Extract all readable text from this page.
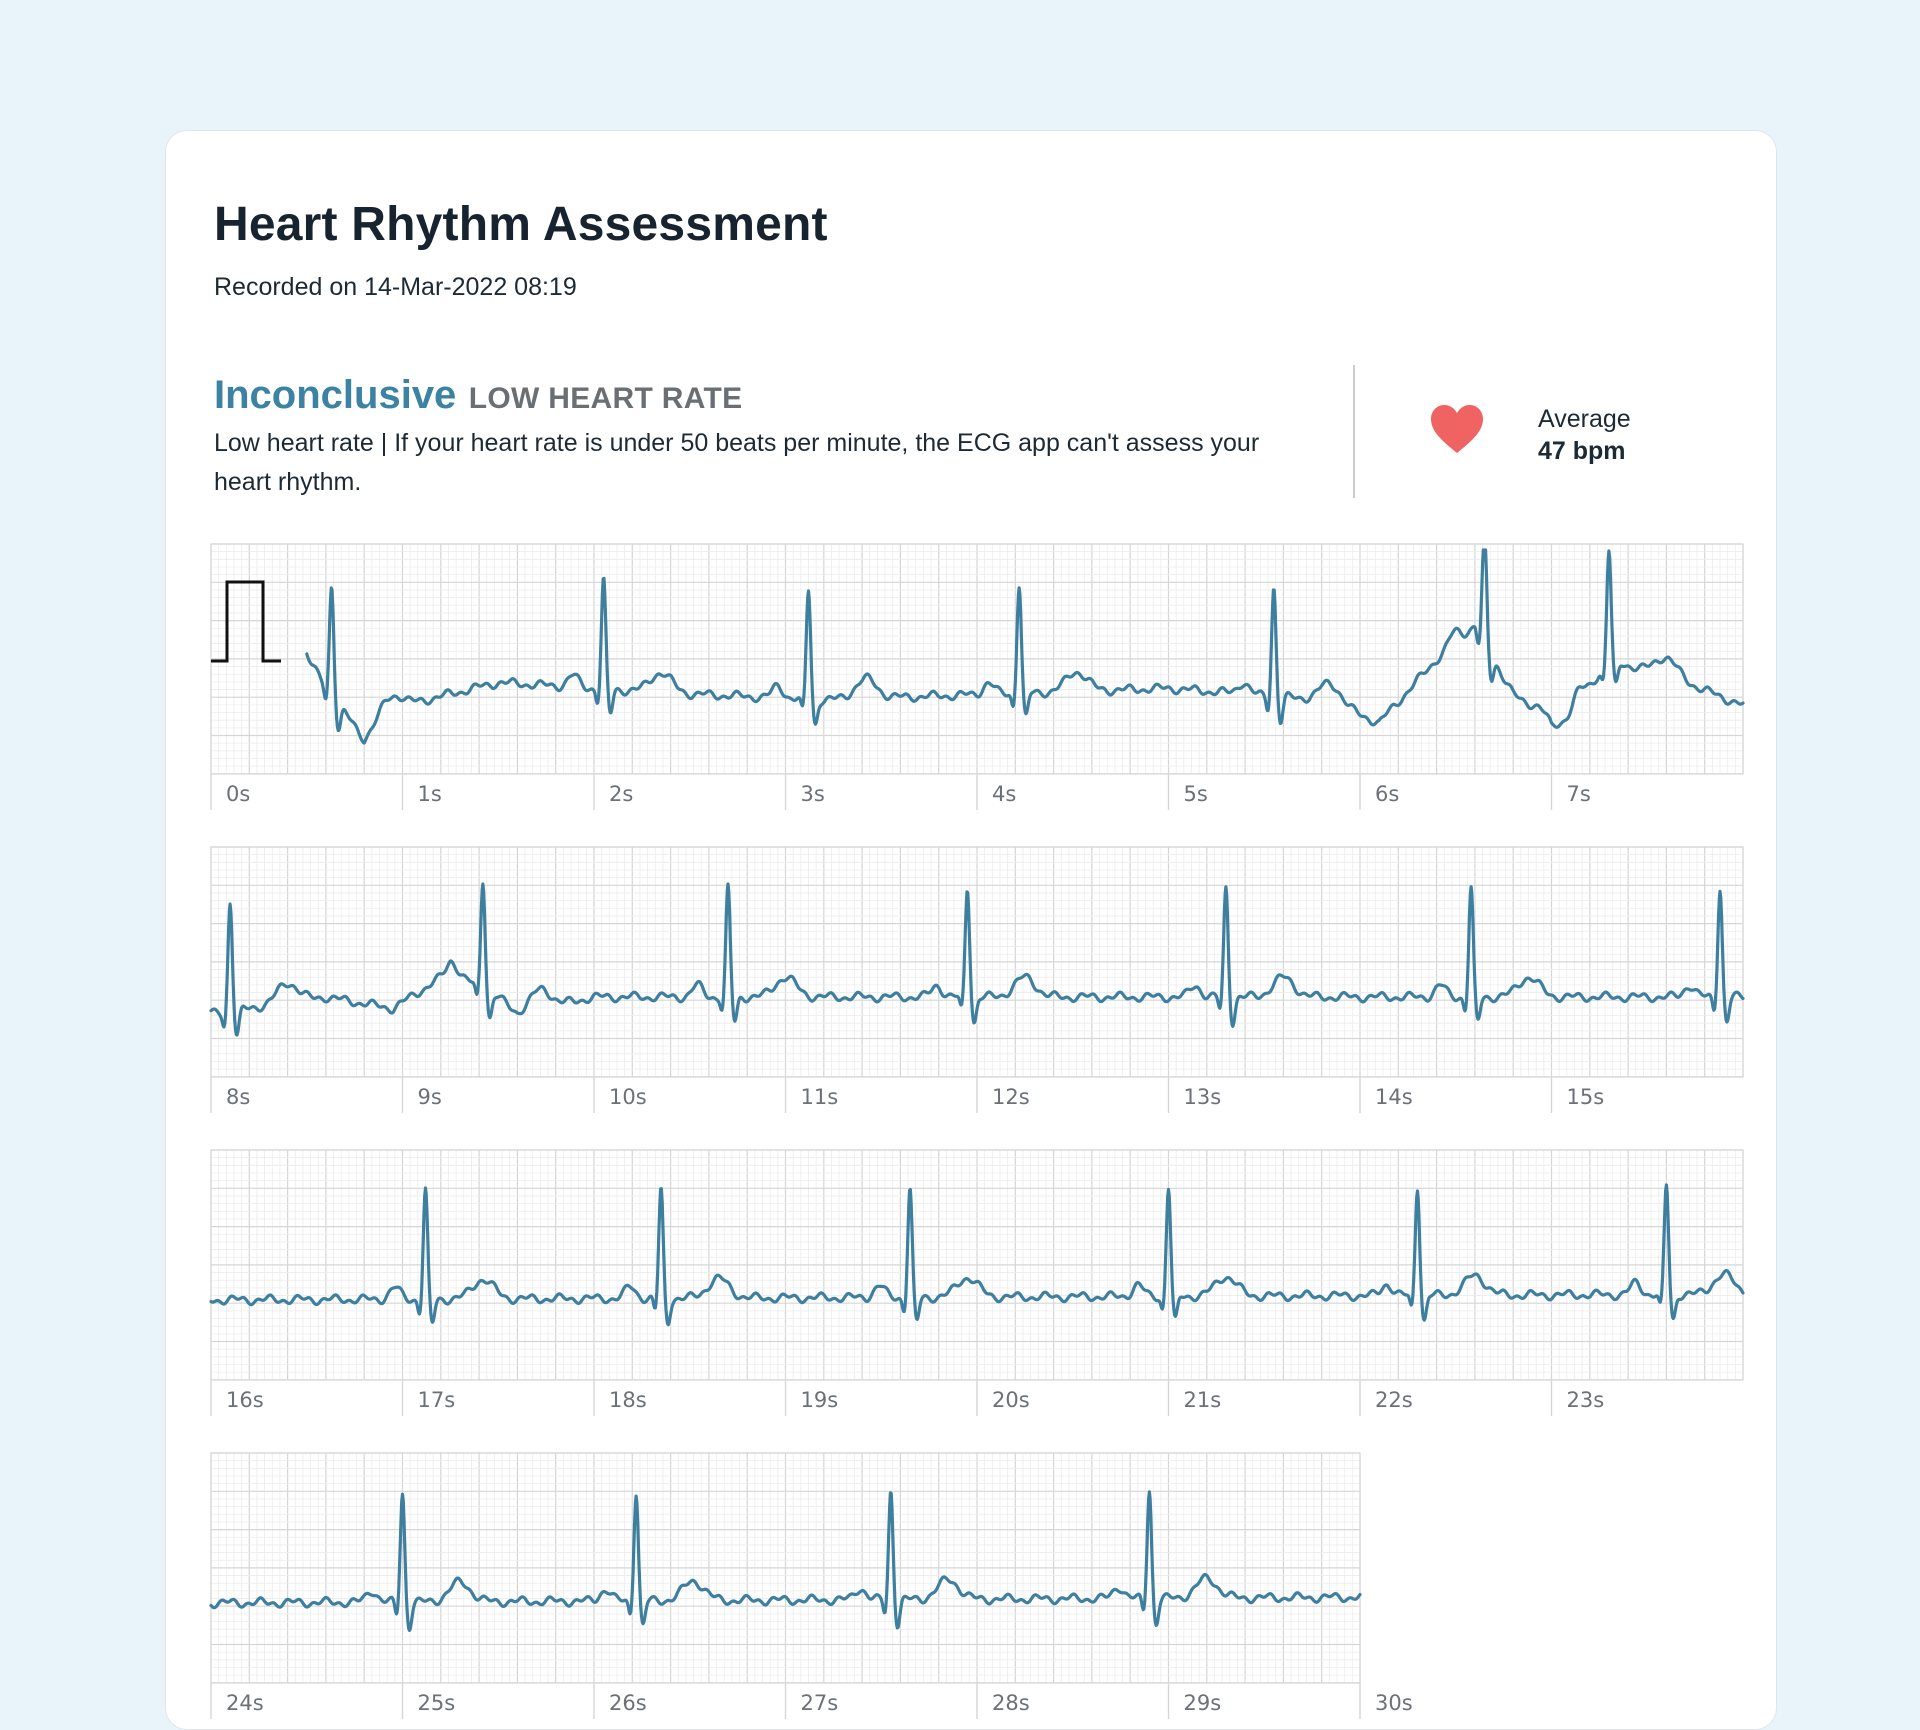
Heart Rhythm Assessment
Recorded on 14-Mar-2022 08:19
Inconclusive LOW HEART RATE
Low heart rate | If your heart rate is under 50 beats per minute, the ECG app can't assess your heart rhythm.
Average
47 bpm
0s	1s	2s	3s	4s	5s	6s	7s
8s	9s	10s	11s	12s	13s	14s	15s
16s	17s	18s	19s	20s	21s	22s	23s
24s	25s	26s	27s	28s	29s	30s
